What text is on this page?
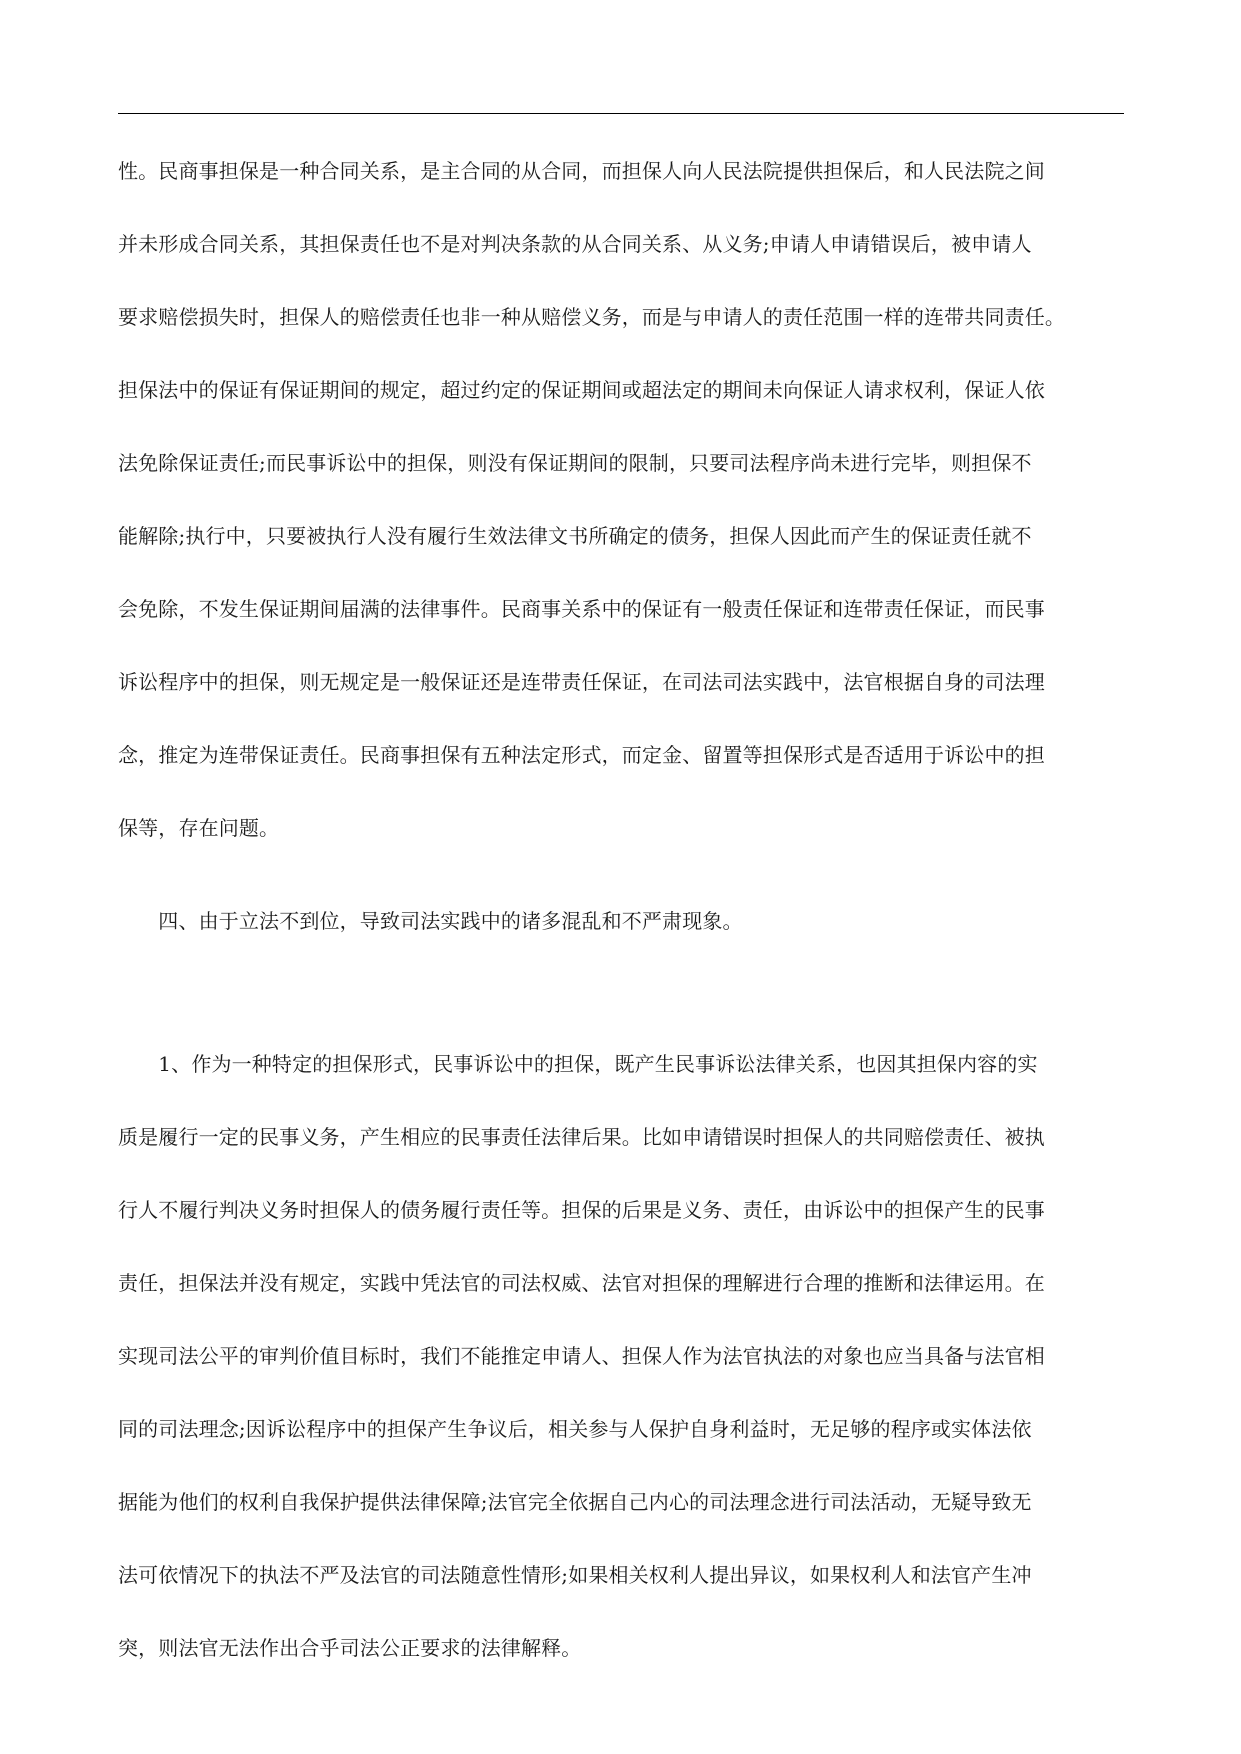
性。民商事担保是一种合同关系，是主合同的从合同，而担保人向人民法院提供担保后，和人民法院之间
并未形成合同关系，其担保责任也不是对判决条款的从合同关系、从义务;申请人申请错误后，被申请人
要求赔偿损失时，担保人的赔偿责任也非一种从赔偿义务，而是与申请人的责任范围一样的连带共同责任。
担保法中的保证有保证期间的规定，超过约定的保证期间或超法定的期间未向保证人请求权利，保证人依
法免除保证责任;而民事诉讼中的担保，则没有保证期间的限制，只要司法程序尚未进行完毕，则担保不
能解除;执行中，只要被执行人没有履行生效法律文书所确定的债务，担保人因此而产生的保证责任就不
会免除，不发生保证期间届满的法律事件。民商事关系中的保证有一般责任保证和连带责任保证，而民事
诉讼程序中的担保，则无规定是一般保证还是连带责任保证，在司法司法实践中，法官根据自身的司法理
念，推定为连带保证责任。民商事担保有五种法定形式，而定金、留置等担保形式是否适用于诉讼中的担
保等，存在问题。
　　四、由于立法不到位，导致司法实践中的诸多混乱和不严肃现象。
　　1、作为一种特定的担保形式，民事诉讼中的担保，既产生民事诉讼法律关系，也因其担保内容的实
质是履行一定的民事义务，产生相应的民事责任法律后果。比如申请错误时担保人的共同赔偿责任、被执
行人不履行判决义务时担保人的债务履行责任等。担保的后果是义务、责任，由诉讼中的担保产生的民事
责任，担保法并没有规定，实践中凭法官的司法权威、法官对担保的理解进行合理的推断和法律运用。在
实现司法公平的审判价值目标时，我们不能推定申请人、担保人作为法官执法的对象也应当具备与法官相
同的司法理念;因诉讼程序中的担保产生争议后，相关参与人保护自身利益时，无足够的程序或实体法依
据能为他们的权利自我保护提供法律保障;法官完全依据自己内心的司法理念进行司法活动，无疑导致无
法可依情况下的执法不严及法官的司法随意性情形;如果相关权利人提出异议，如果权利人和法官产生冲
突，则法官无法作出合乎司法公正要求的法律解释。
